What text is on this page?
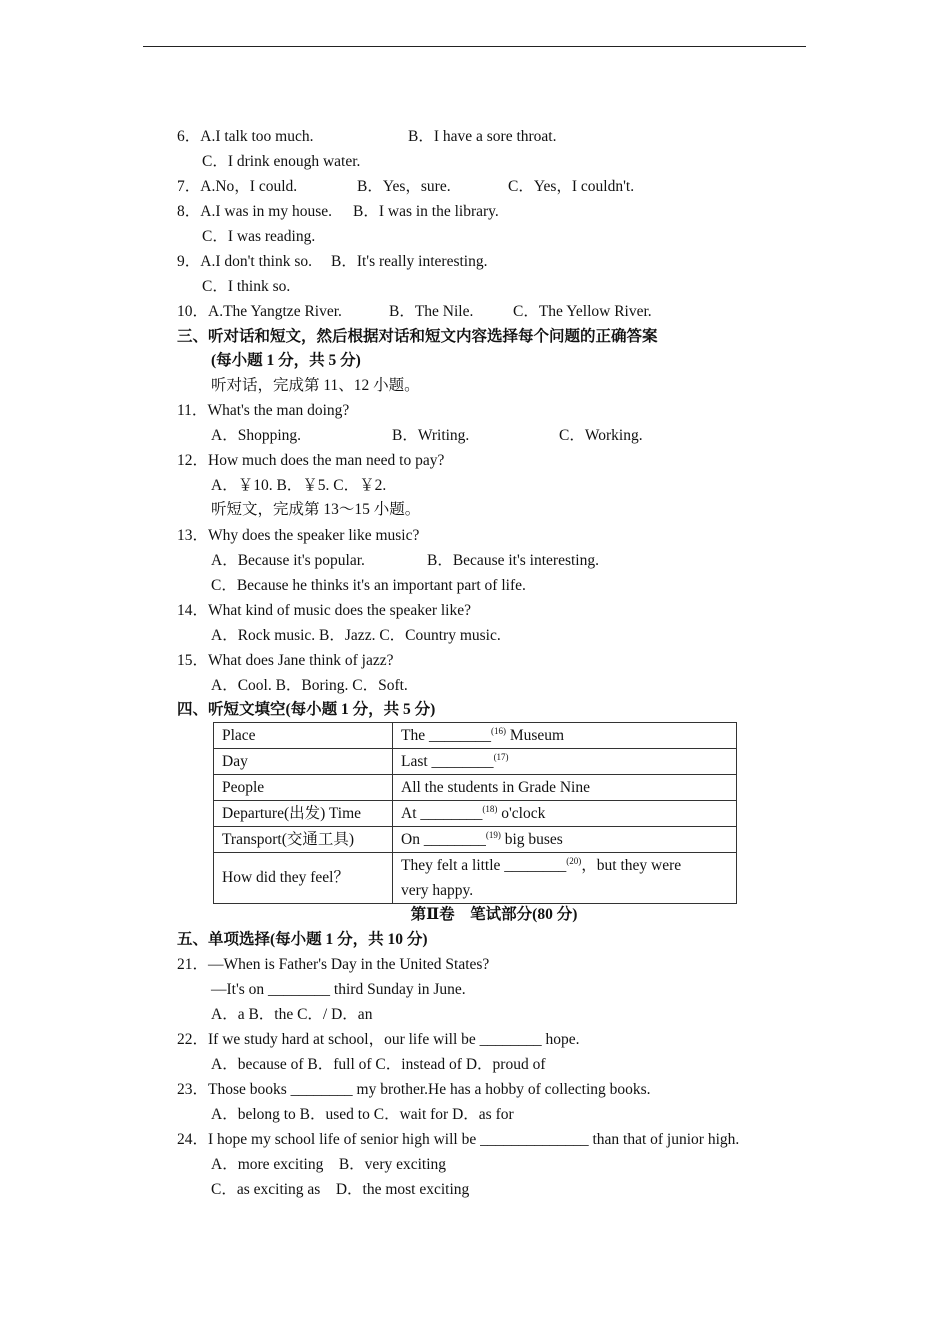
6．A.I talk too much.	B．I have a sore throat.
C．I drink enough water.
7．A.No，I could.	B．Yes，sure.	C．Yes，I couldn't.
8．A.I was in my house. B．I was in the library.
C．I was reading.
9．A.I don't think so. B．It's really interesting.
C．I think so.
10．A.The Yangtze River.	B．The Nile.	C．The Yellow River.
三、听对话和短文，然后根据对话和短文内容选择每个问题的正确答案
(每小题 1 分，共 5 分)
听对话，完成第 11、12 小题。
11．What's the man doing?
A．Shopping.	B．Writing.	C．Working.
12．How much does the man need to pay?
A．￥10. B．￥5. C．￥2.
听短文，完成第 13～15 小题。
13．Why does the speaker like music?
A．Because it's popular.	B．Because it's interesting.
C．Because he thinks it's an important part of life.
14．What kind of music does the speaker like?
A．Rock music. B．Jazz. C．Country music.
15．What does Jane think of jazz?
A．Cool. B．Boring. C．Soft.
四、听短文填空(每小题 1 分，共 5 分)
Place	The ________$^{(16)}$ Museum
Day	Last ________$^{(17)}$
People	All the students in Grade Nine
Departure(出发) Time	At ________$^{(18)}$ o'clock
Transport(交通工具)	On ________$^{(19)}$ big buses
How did they feel？	They felt a little ________$^{(20)}$，but they were
very happy.
第Ⅱ卷　笔试部分(80 分)
五、单项选择(每小题 1 分，共 10 分)
21．—When is Father's Day in the United States?
—It's on ________ third Sunday in June.
A．a B．the C．/ D．an
22．If we study hard at school，our life will be ________ hope.
A．because of B．full of C．instead of D．proud of
23．Those books ________ my brother.He has a hobby of collecting books.
A．belong to B．used to C．wait for D．as for
24．I hope my school life of senior high will be ______________ than that of junior high.
A．more exciting    B．very exciting
C．as exciting as    D．the most exciting
